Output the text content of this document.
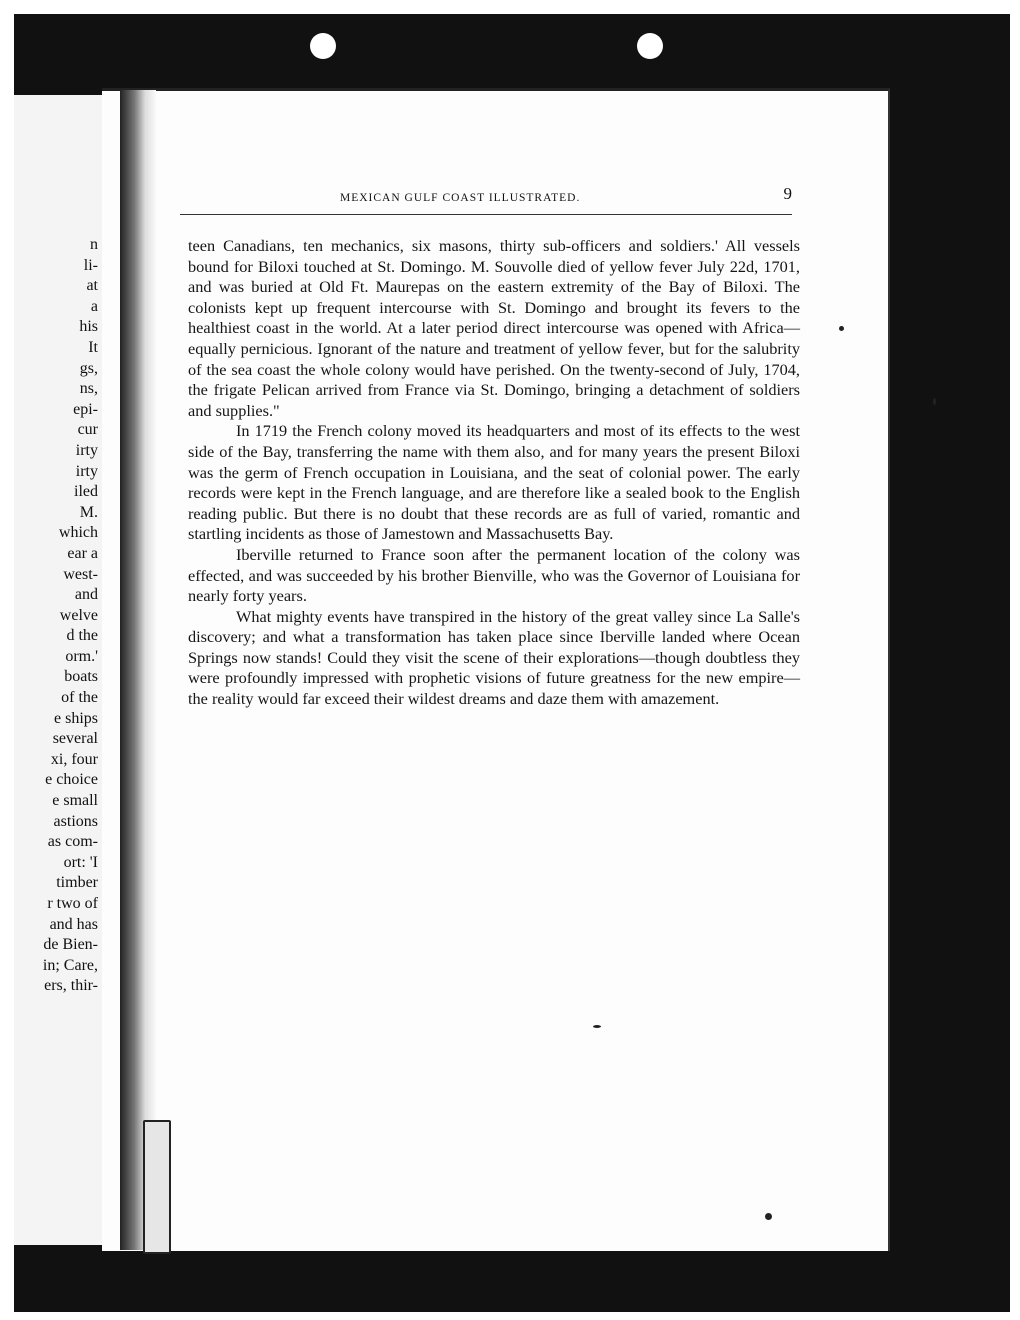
n
li-
at
a
his
It
gs,
ns,
epi-
cur
irty
irty
iled
M.
which
ear a
west-
and
welve
d the
orm.'
boats
of the
e ships
several
xi, four
e choice
e small
astions
as com-
ort: 'I
timber
r two of
and has
de Bien-
in; Care,
ers, thir-
MEXICAN GULF COAST ILLUSTRATED.	9

teen Canadians, ten mechanics, six masons, thirty sub-officers and soldiers.' All vessels bound for Biloxi touched at St. Domingo. M. Souvolle died of yellow fever July 22d, 1701, and was buried at Old Ft. Maurepas on the eastern extremity of the Bay of Biloxi. The colonists kept up frequent intercourse with St. Domingo and brought its fevers to the healthiest coast in the world. At a later period direct intercourse was opened with Africa—equally pernicious. Ignorant of the nature and treatment of yellow fever, but for the salubrity of the sea coast the whole colony would have perished. On the twenty-second of July, 1704, the frigate Pelican arrived from France via St. Domingo, bringing a detachment of soldiers and supplies."

In 1719 the French colony moved its headquarters and most of its effects to the west side of the Bay, transferring the name with them also, and for many years the present Biloxi was the germ of French occupation in Louisiana, and the seat of colonial power. The early records were kept in the French language, and are therefore like a sealed book to the English reading public. But there is no doubt that these records are as full of varied, romantic and startling incidents as those of Jamestown and Massachusetts Bay.

Iberville returned to France soon after the permanent location of the colony was effected, and was succeeded by his brother Bienville, who was the Governor of Louisiana for nearly forty years.

What mighty events have transpired in the history of the great valley since La Salle's discovery; and what a transformation has taken place since Iberville landed where Ocean Springs now stands! Could they visit the scene of their explorations—though doubtless they were profoundly impressed with prophetic visions of future greatness for the new empire—the reality would far exceed their wildest dreams and daze them with amazement.
